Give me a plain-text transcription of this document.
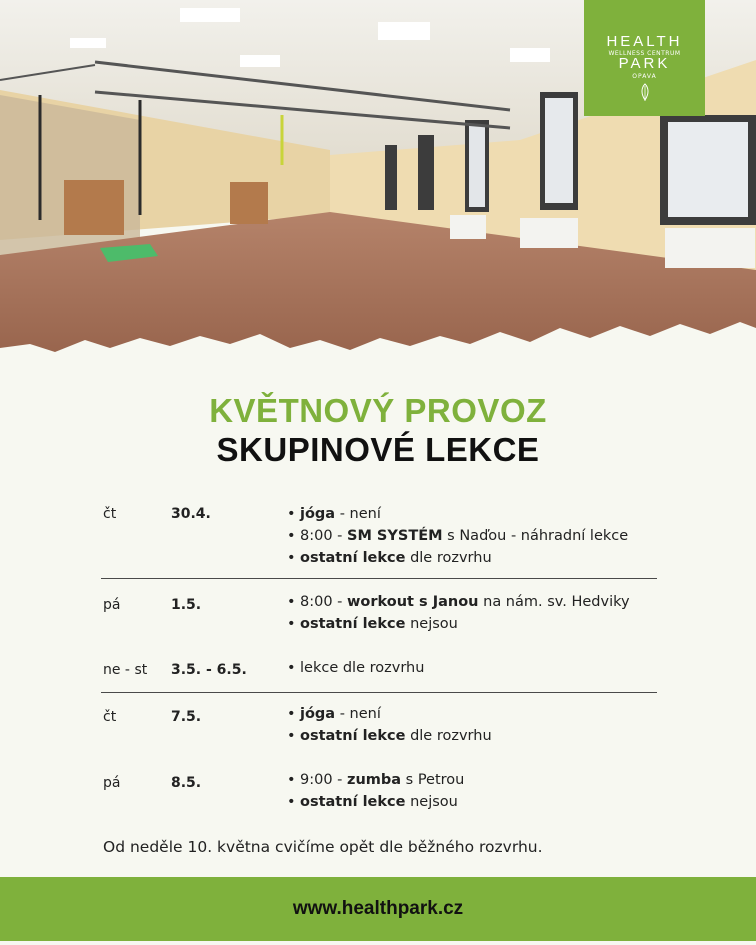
HEALTH
WELLNESS CENTRUM
PARK
OPAVA
KVĚTNOVÝ PROVOZ
SKUPINOVÉ LEKCE
čt	30.4.	• jóga - není
• 8:00 - SM SYSTÉM s Naďou - náhradní lekce
• ostatní lekce dle rozvrhu
pá	1.5.	• 8:00 - workout s Janou na nám. sv. Hedviky
• ostatní lekce nejsou
ne - st 3.5. - 6.5.	• lekce dle rozvrhu
čt	7.5.	• jóga - není
• ostatní lekce dle rozvrhu
pá	8.5.	• 9:00 - zumba s Petrou
• ostatní lekce nejsou
Od neděle 10. května cvičíme opět dle běžného rozvrhu.
www.healthpark.cz
